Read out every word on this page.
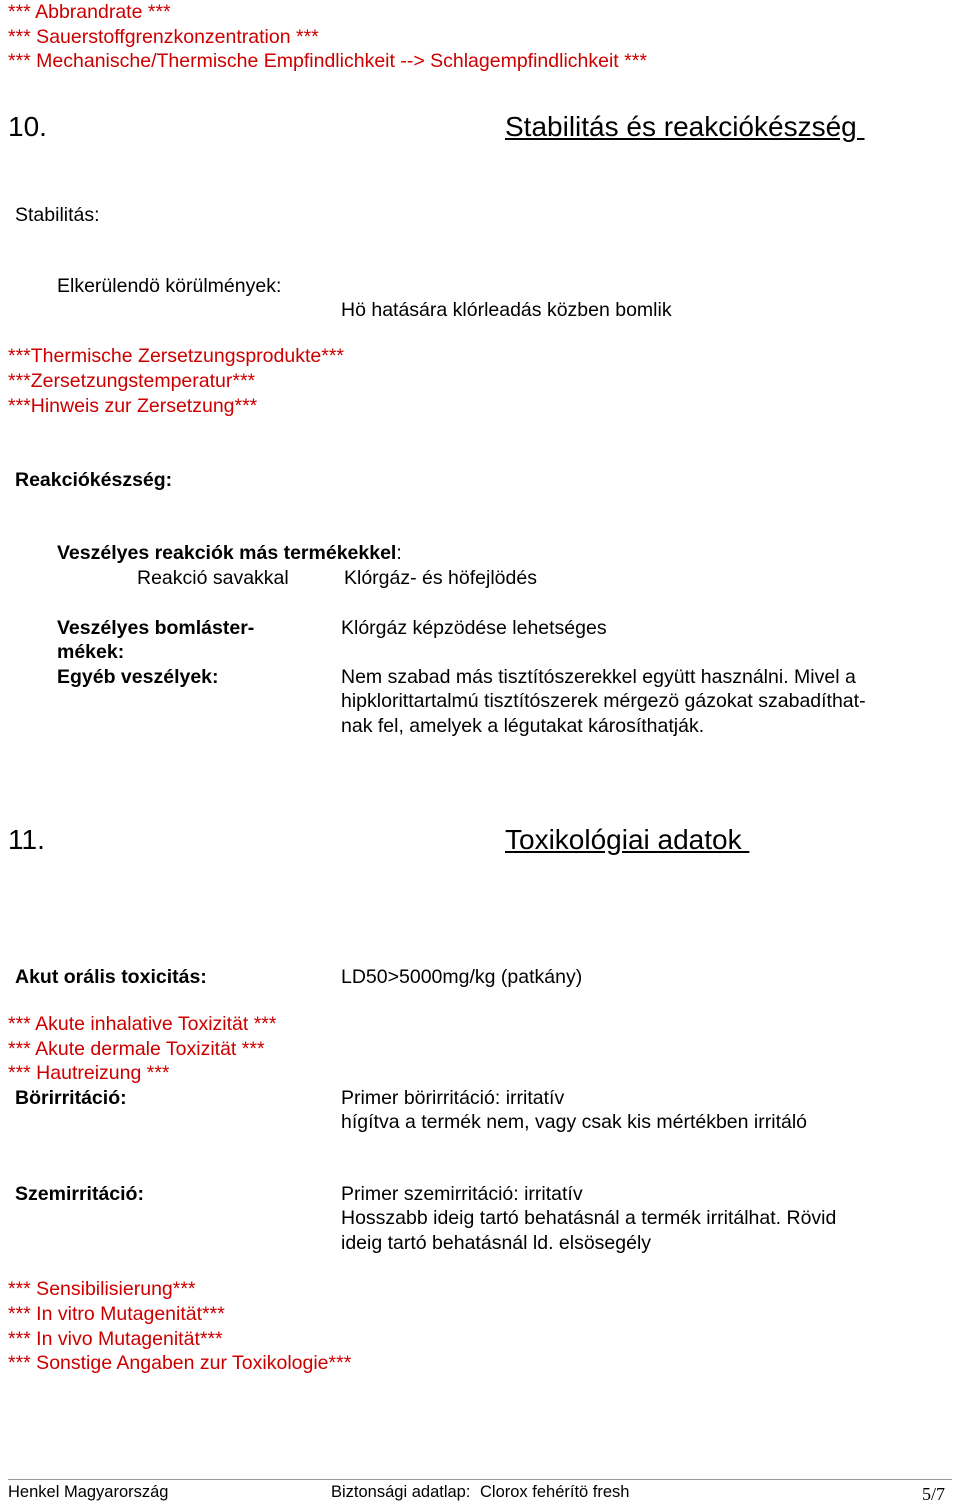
*** Abbrandrate ***
*** Sauerstoffgrenzkonzentration ***
*** Mechanische/Thermische Empfindlichkeit --> Schlagempfindlichkeit ***
10.	Stabilitás és reakciókészség
Stabilitás:
Elkerülendö körülmények:
Hö hatására klórleadás közben bomlik
***Thermische Zersetzungsprodukte***
***Zersetzungstemperatur***
***Hinweis zur Zersetzung***
Reakciókészség:
Veszélyes reakciók más termékekkel:
Reakció savakkal	Klórgáz- és höfejlödés
Veszélyes bomláster-
mékek:
Klórgáz képzödése lehetséges
Egyéb veszélyek:	Nem szabad más tisztítószerekkel együtt használni. Mivel a
hipklorittartalmú tisztítószerek mérgezö gázokat szabadíthat-
nak fel, amelyek a légutakat károsíthatják.
11.	Toxikológiai adatok
Akut orális toxicitás:	LD50>5000mg/kg (patkány)
*** Akute inhalative Toxizität ***
*** Akute dermale Toxizität ***
*** Hautreizung ***
Börirritáció:	Primer börirritáció: irritatív
hígítva a termék nem, vagy csak kis mértékben irritáló
Szemirritáció:	Primer szemirritáció: irritatív
Hosszabb ideig tartó behatásnál a termék irritálhat. Rövid
ideig tartó behatásnál ld. elsösegély
*** Sensibilisierung***
*** In vitro Mutagenität***
*** In vivo Mutagenität***
*** Sonstige Angaben zur Toxikologie***
Henkel Magyarország	Biztonsági adatlap: Clorox fehérítö fresh	5/7
